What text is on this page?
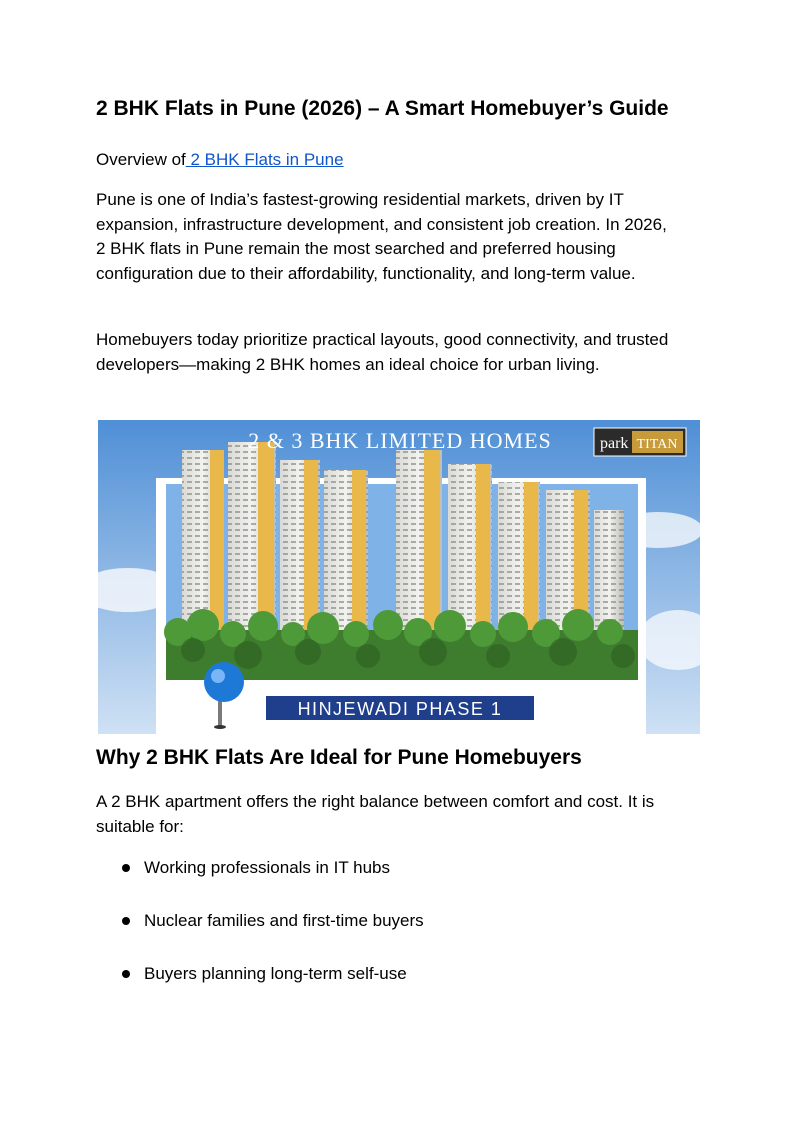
2 BHK Flats in Pune (2026) – A Smart Homebuyer’s Guide

Overview of 2 BHK Flats in Pune

Pune is one of India’s fastest-growing residential markets, driven by IT expansion, infrastructure development, and consistent job creation. In 2026, 2 BHK flats in Pune remain the most searched and preferred housing configuration due to their affordability, functionality, and long-term value.

Homebuyers today prioritize practical layouts, good connectivity, and trusted developers—making 2 BHK homes an ideal choice for urban living.

2 & 3 BHK LIMITED HOMES	park TITAN
HINJEWADI PHASE 1
Why 2 BHK Flats Are Ideal for Pune Homebuyers

A 2 BHK apartment offers the right balance between comfort and cost. It is suitable for:

Working professionals in IT hubs
Nuclear families and first-time buyers
Buyers planning long-term self-use
